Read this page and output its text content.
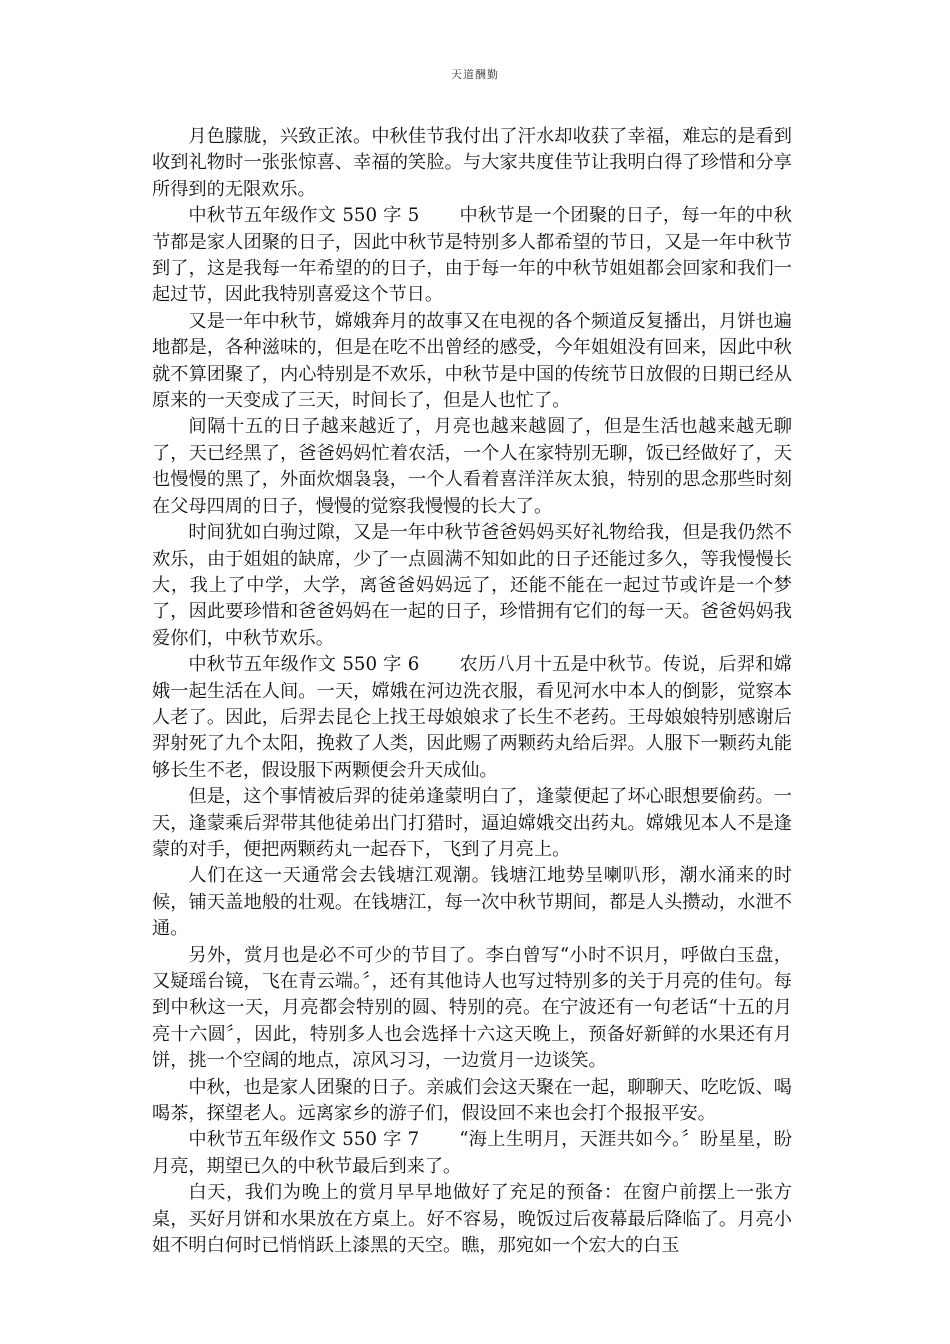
天道酬勤

月色朦胧，兴致正浓。中秋佳节我付出了汗水却收获了幸福，难忘的是看到收到礼物时一张张惊喜、幸福的笑脸。与大家共度佳节让我明白得了珍惜和分享所得到的无限欢乐。

中秋节五年级作文 550 字 5 中秋节是一个团聚的日子，每一年的中秋节都是家人团聚的日子，因此中秋节是特别多人都希望的节日，又是一年中秋节到了，这是我每一年希望的的日子，由于每一年的中秋节姐姐都会回家和我们一起过节，因此我特别喜爱这个节日。

又是一年中秋节，嫦娥奔月的故事又在电视的各个频道反复播出，月饼也遍地都是，各种滋味的，但是在吃不出曾经的感受，今年姐姐没有回来，因此中秋就不算团聚了，内心特别是不欢乐，中秋节是中国的传统节日放假的日期已经从原来的一天变成了三天，时间长了，但是人也忙了。

间隔十五的日子越来越近了，月亮也越来越圆了，但是生活也越来越无聊了，天已经黑了，爸爸妈妈忙着农活，一个人在家特别无聊，饭已经做好了，天也慢慢的黑了，外面炊烟袅袅，一个人看着喜洋洋灰太狼，特别的思念那些时刻在父母四周的日子，慢慢的觉察我慢慢的长大了。

时间犹如白驹过隙，又是一年中秋节爸爸妈妈买好礼物给我，但是我仍然不欢乐，由于姐姐的缺席，少了一点圆满不知如此的日子还能过多久，等我慢慢长大，我上了中学，大学，离爸爸妈妈远了，还能不能在一起过节或许是一个梦了，因此要珍惜和爸爸妈妈在一起的日子，珍惜拥有它们的每一天。爸爸妈妈我爱你们，中秋节欢乐。

中秋节五年级作文 550 字 6 农历八月十五是中秋节。传说，后羿和嫦娥一起生活在人间。一天，嫦娥在河边洗衣服，看见河水中本人的倒影，觉察本人老了。因此，后羿去昆仑上找王母娘娘求了长生不老药。王母娘娘特别感谢后羿射死了九个太阳，挽救了人类，因此赐了两颗药丸给后羿。人服下一颗药丸能够长生不老，假设服下两颗便会升天成仙。

但是，这个事情被后羿的徒弟逢蒙明白了，逢蒙便起了坏心眼想要偷药。一天，逢蒙乘后羿带其他徒弟出门打猎时，逼迫嫦娥交出药丸。嫦娥见本人不是逢蒙的对手，便把两颗药丸一起吞下，飞到了月亮上。

人们在这一天通常会去钱塘江观潮。钱塘江地势呈喇叭形，潮水涌来的时候，铺天盖地般的壮观。在钱塘江，每一次中秋节期间，都是人头攒动，水泄不通。

另外，赏月也是必不可少的节目了。李白曾写“小时不识月，呼做白玉盘，又疑瑶台镜，飞在青云端。〞，还有其他诗人也写过特别多的关于月亮的佳句。每到中秋这一天，月亮都会特别的圆、特别的亮。在宁波还有一句老话“十五的月亮十六圆〞，因此，特别多人也会选择十六这天晚上，预备好新鲜的水果还有月饼，挑一个空阔的地点，凉风习习，一边赏月一边谈笑。

中秋，也是家人团聚的日子。亲戚们会这天聚在一起，聊聊天、吃吃饭、喝喝茶，探望老人。远离家乡的游子们，假设回不来也会打个报报平安。

中秋节五年级作文 550 字 7 “海上生明月，天涯共如今。〞盼星星，盼月亮，期望已久的中秋节最后到来了。

白天，我们为晚上的赏月早早地做好了充足的预备：在窗户前摆上一张方桌，买好月饼和水果放在方桌上。好不容易，晚饭过后夜幕最后降临了。月亮小姐不明白何时已悄悄跃上漆黑的天空。瞧，那宛如一个宏大的白玉
